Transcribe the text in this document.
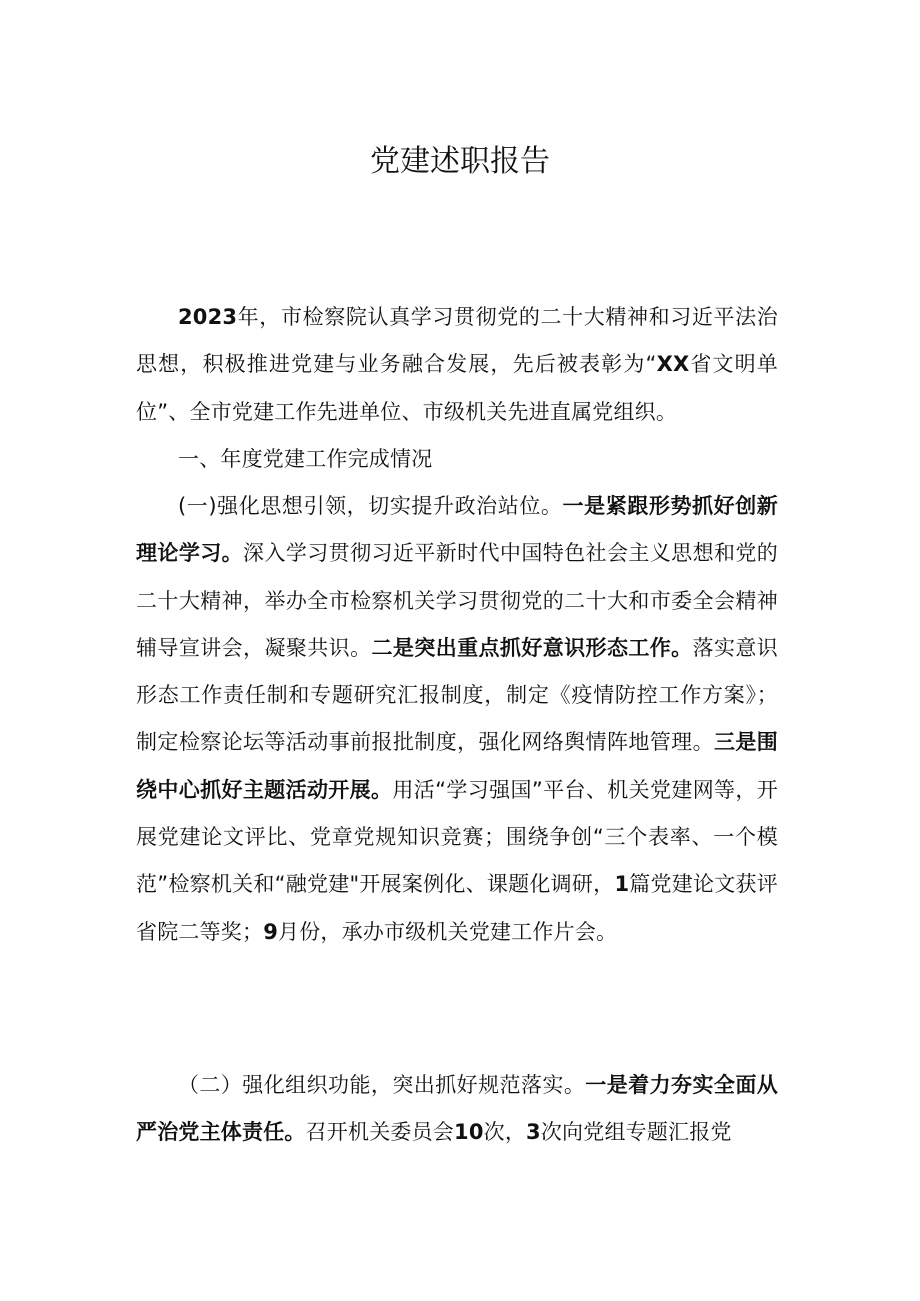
党建述职报告

2023年，市检察院认真学习贯彻党的二十大精神和习近平法治思想，积极推进党建与业务融合发展，先后被表彰为“XX省文明单位”、全市党建工作先进单位、市级机关先进直属党组织。

一、年度党建工作完成情况

(一)强化思想引领，切实提升政治站位。一是紧跟形势抓好创新理论学习。深入学习贯彻习近平新时代中国特色社会主义思想和党的二十大精神，举办全市检察机关学习贯彻党的二十大和市委全会精神辅导宣讲会，凝聚共识。二是突出重点抓好意识形态工作。落实意识形态工作责任制和专题研究汇报制度，制定《疫情防控工作方案》；制定检察论坛等活动事前报批制度，强化网络舆情阵地管理。三是围绕中心抓好主题活动开展。用活“学习强国”平台、机关党建网等，开展党建论文评比、党章党规知识竞赛；围绕争创“三个表率、一个模范”检察机关和“融党建"开展案例化、课题化调研，1篇党建论文获评省院二等奖；9月份，承办市级机关党建工作片会。

（二）强化组织功能，突出抓好规范落实。一是着力夯实全面从严治党主体责任。召开机关委员会10次，3次向党组专题汇报党
